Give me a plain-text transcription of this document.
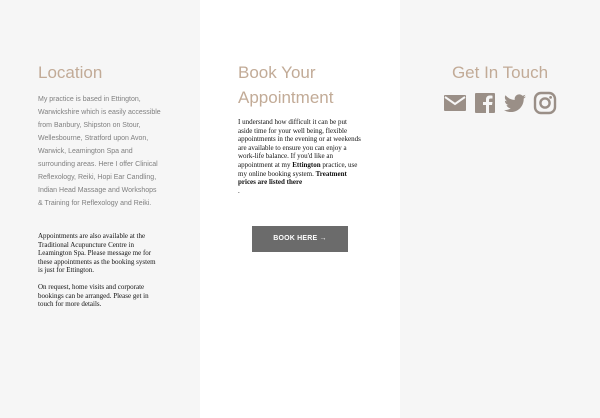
Location

My practice is based in Ettington, Warwickshire which is easily accessible from Banbury, Shipston on Stour, Wellesbourne, Stratford upon Avon, Warwick, Leamington Spa and surrounding areas. Here I offer Clinical Reflexology, Reiki, Hopi Ear Candling, Indian Head Massage and Workshops & Training for Reflexology and Reiki.

Appointments are also available at the Traditional Acupuncture Centre in Leamington Spa. Please message me for these appointments as the booking system is just for Ettington.

On request, home visits and corporate bookings can be arranged. Please get in touch for more details.

Book Your
Appointment

I understand how difficult it can be put aside time for your well being, flexible appointments in the evening or at weekends are available to ensure you can enjoy a work-life balance. If you'd like an appointment at my Ettington practice, use my online booking system. Treatment prices are listed there
.

BOOK HERE →
Get In Touch
